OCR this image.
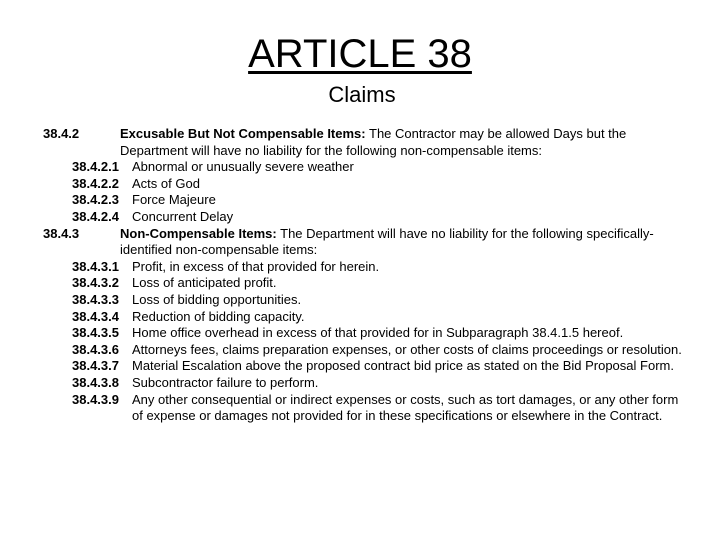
ARTICLE 38
Claims
38.4.2	Excusable But Not Compensable Items: The Contractor may be allowed Days but the Department will have no liability for the following non-compensable items:
38.4.2.1 Abnormal or unusually severe weather
38.4.2.2 Acts of God
38.4.2.3 Force Majeure
38.4.2.4 Concurrent Delay
38.4.3	Non-Compensable Items: The Department will have no liability for the following specifically-identified non-compensable items:
38.4.3.1 Profit, in excess of that provided for herein.
38.4.3.2 Loss of anticipated profit.
38.4.3.3 Loss of bidding opportunities.
38.4.3.4 Reduction of bidding capacity.
38.4.3.5 Home office overhead in excess of that provided for in Subparagraph 38.4.1.5 hereof.
38.4.3.6 Attorneys fees, claims preparation expenses, or other costs of claims proceedings or resolution.
38.4.3.7 Material Escalation above the proposed contract bid price as stated on the Bid Proposal Form.
38.4.3.8 Subcontractor failure to perform.
38.4.3.9 Any other consequential or indirect expenses or costs, such as tort damages, or any other form of expense or damages not provided for in these specifications or elsewhere in the Contract.
